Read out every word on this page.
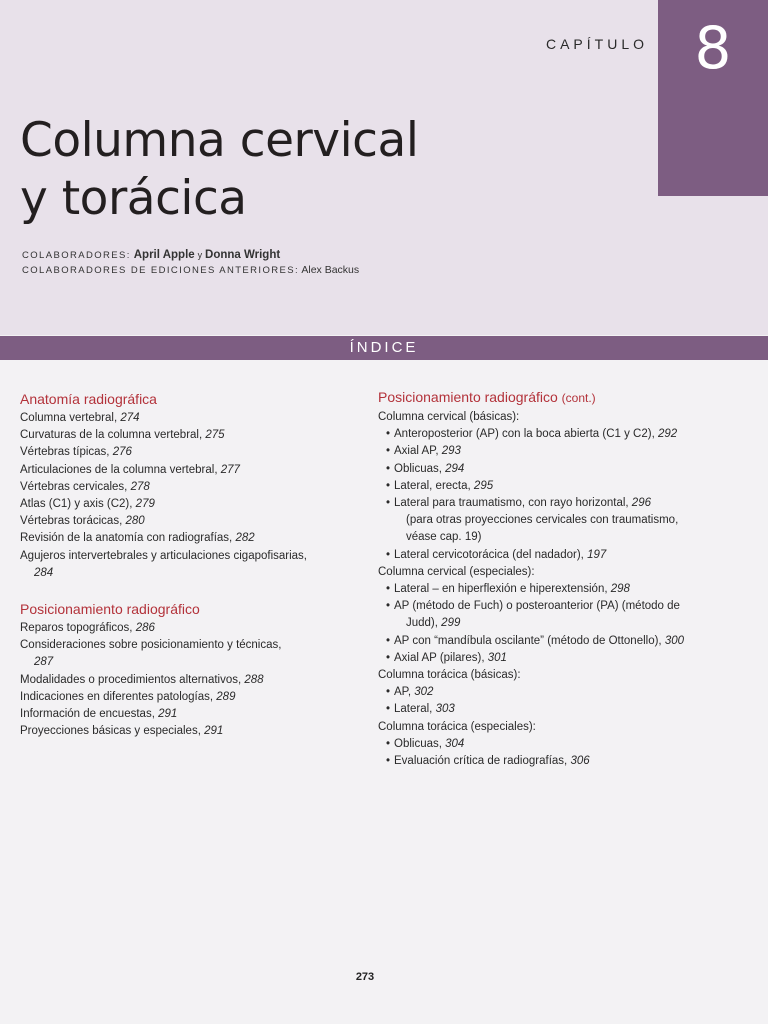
CAPÍTULO 8
Columna cervical
y torácica
COLABORADORES: April Apple y Donna Wright
COLABORADORES DE EDICIONES ANTERIORES: Alex Backus
ÍNDICE
Anatomía radiográfica
Columna vertebral, 274
Curvaturas de la columna vertebral, 275
Vértebras típicas, 276
Articulaciones de la columna vertebral, 277
Vértebras cervicales, 278
Atlas (C1) y axis (C2), 279
Vértebras torácicas, 280
Revisión de la anatomía con radiografías, 282
Agujeros intervertebrales y articulaciones cigapofisarias,
284
Posicionamiento radiográfico
Reparos topográficos, 286
Consideraciones sobre posicionamiento y técnicas,
287
Modalidades o procedimientos alternativos, 288
Indicaciones en diferentes patologías, 289
Información de encuestas, 291
Proyecciones básicas y especiales, 291
Posicionamiento radiográfico (cont.)
Columna cervical (básicas):
• Anteroposterior (AP) con la boca abierta (C1 y C2), 292
• Axial AP, 293
• Oblicuas, 294
• Lateral, erecta, 295
• Lateral para traumatismo, con rayo horizontal, 296
(para otras proyecciones cervicales con traumatismo,
véase cap. 19)
• Lateral cervicotorácica (del nadador), 197
Columna cervical (especiales):
• Lateral – en hiperflexión e hiperextensión, 298
• AP (método de Fuch) o posteroanterior (PA) (método de
Judd), 299
• AP con “mandíbula oscilante” (método de Ottonello), 300
• Axial AP (pilares), 301
Columna torácica (básicas):
• AP, 302
• Lateral, 303
Columna torácica (especiales):
• Oblicuas, 304
• Evaluación crítica de radiografías, 306
273
